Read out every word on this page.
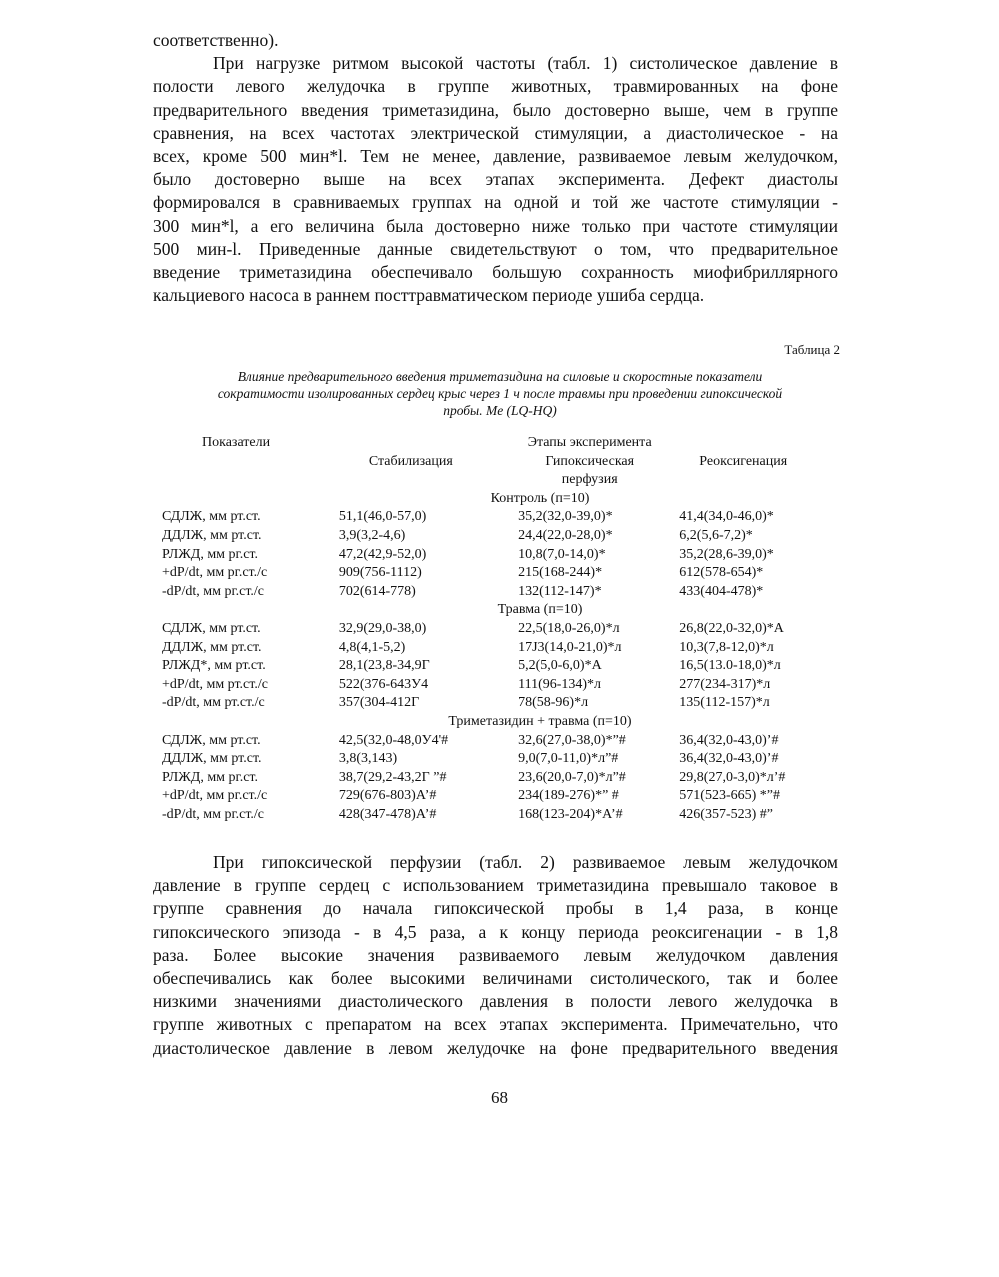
соответственно).
При нагрузке ритмом высокой частоты (табл. 1) систолическое давление в
полости левого желудочка в группе животных, травмированных на фоне
предварительного введения триметазидина, было достоверно выше, чем в группе
сравнения, на всех частотах электрической стимуляции, а диастолическое - на
всех, кроме 500 мин*l. Тем не менее, давление, развиваемое левым желудочком,
было достоверно выше на всех этапах эксперимента. Дефект диастолы
формировался в сравниваемых группах на одной и той же частоте стимуляции -
300 мин*l, а его величина была достоверно ниже только при частоте стимуляции
500 мин-l. Приведенные данные свидетельствуют о том, что предварительное
введение триметазидина обеспечивало большую сохранность миофибриллярного
кальциевого насоса в раннем посттравматическом периоде ушиба сердца.
Таблица 2
Влияние предварительного введения триметазидина на силовые и скоростные показатели
сократимости изолированных сердец крыс через 1 ч после травмы при проведении гипоксической
пробы. Me (LQ-HQ)
Показатели		Этапы эксперимента	
	Стабилизация	Гипоксическая	Реоксигенация
		перфузия	
Контроль (п=10)			
СДЛЖ, мм рт.ст.	51,1(46,0-57,0)	35,2(32,0-39,0)*	41,4(34,0-46,0)*
ДДЛЖ, мм рт.ст.	3,9(3,2-4,6)	24,4(22,0-28,0)*	6,2(5,6-7,2)*
РЛЖД, мм рг.ст.	47,2(42,9-52,0)	10,8(7,0-14,0)*	35,2(28,6-39,0)*
+dP/dt, мм рг.ст./с	909(756-1112)	215(168-244)*	612(578-654)*
-dP/dt, мм рг.ст./с	702(614-778)	132(112-147)*	433(404-478)*
Травма (п=10)			
СДЛЖ, мм рт.ст.	32,9(29,0-38,0)	22,5(18,0-26,0)*л	26,8(22,0-32,0)*А
ДДЛЖ, мм рт.ст.	4,8(4,1-5,2)	17J3(14,0-21,0)*л	10,3(7,8-12,0)*л
РЛЖД*, мм рт.ст.	28,1(23,8-34,9Г	5,2(5,0-6,0)*А	16,5(13.0-18,0)*л
+dP/dt, мм рт.ст./с	522(376-643У4	111(96-134)*л	277(234-317)*л
-dP/dt, мм рт.ст./с	357(304-412Г	78(58-96)*л	135(112-157)*л
Триметазидин + травма (п=10)			
СДЛЖ, мм рт.ст.	42,5(32,0-48,0У4'#	32,6(27,0-38,0)*”#	36,4(32,0-43,0)’#
ДДЛЖ, мм рт.ст.	3,8(3,143)	9,0(7,0-11,0)*л”#	36,4(32,0-43,0)’#
РЛЖД, мм рг.ст.	38,7(29,2-43,2Г ”#	23,6(20,0-7,0)*л”#	29,8(27,0-3,0)*л’#
+dP/dt, мм рг.ст./с	729(676-803)А’#	234(189-276)*” #	571(523-665) *”#
-dP/dt, мм рг.ст./с	428(347-478)А’#	168(123-204)*А’#	426(357-523) #”
При гипоксической перфузии (табл. 2) развиваемое левым желудочком
давление в группе сердец с использованием триметазидина превышало таковое в
группе сравнения до начала гипоксической пробы в 1,4 раза, в конце
гипоксического эпизода - в 4,5 раза, а к концу периода реоксигенации - в 1,8
раза. Более высокие значения развиваемого левым желудочком давления
обеспечивались как более высокими величинами систолического, так и более
низкими значениями диастолического давления в полости левого желудочка в
группе животных с препаратом на всех этапах эксперимента. Примечательно, что
диастолическое давление в левом желудочке на фоне предварительного введения
68
